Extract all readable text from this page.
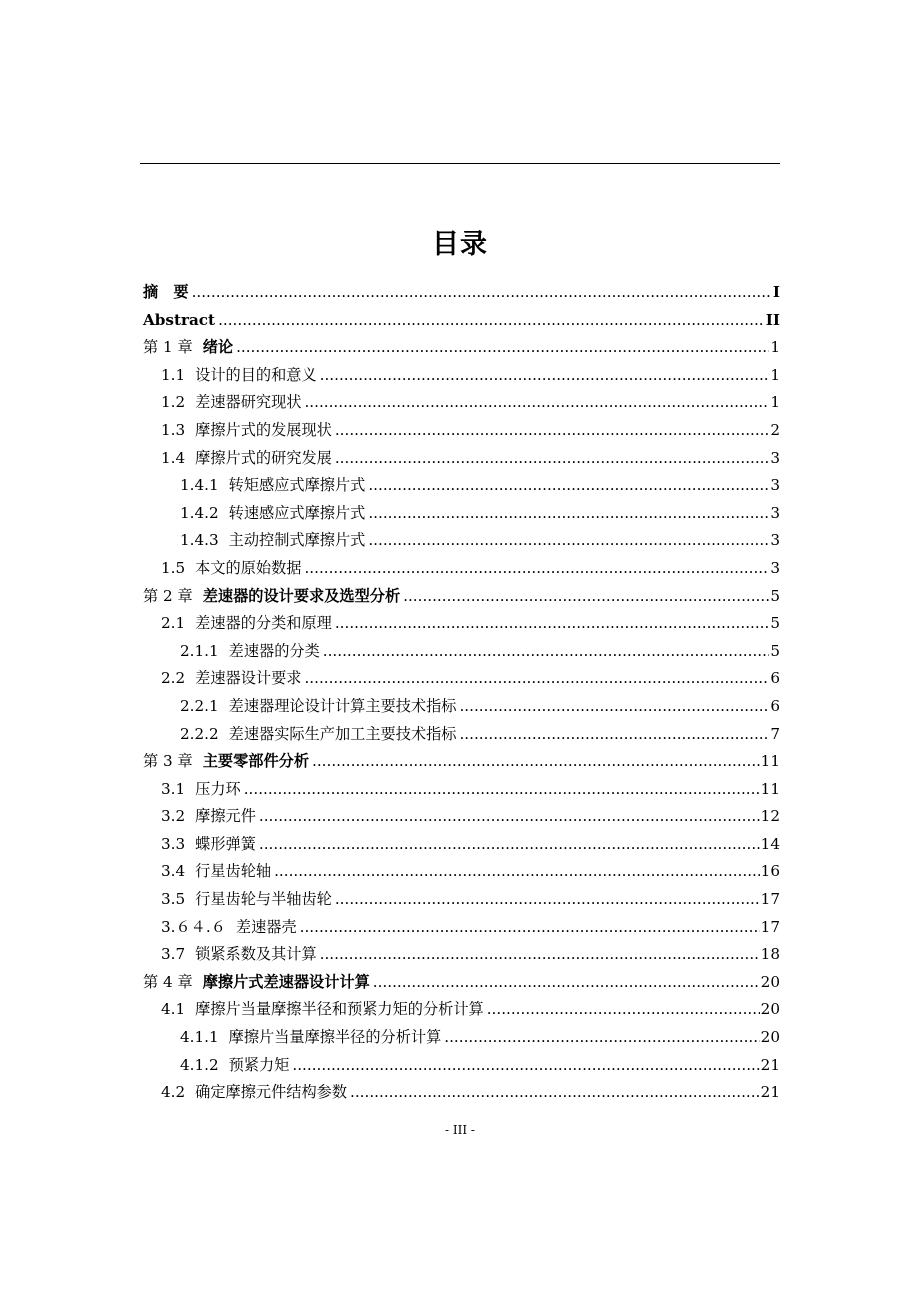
目录
摘　要 .....	I
Abstract .....	II
第 1 章 绪论 .....	1
1.1 设计的目的和意义 .....	1
1.2 差速器研究现状 .....	1
1.3 摩擦片式的发展现状 .....	2
1.4 摩擦片式的研究发展 .....	3
1.4.1 转矩感应式摩擦片式 .....	3
1.4.2 转速感应式摩擦片式 .....	3
1.4.3 主动控制式摩擦片式 .....	3
1.5 本文的原始数据 .....	3
第 2 章 差速器的设计要求及选型分析 .....	5
2.1 差速器的分类和原理 .....	5
2.1.1 差速器的分类 .....	5
2.2 差速器设计要求 .....	6
2.2.1 差速器理论设计计算主要技术指标 .....	6
2.2.2 差速器实际生产加工主要技术指标 .....	7
第 3 章 主要零部件分析 .....	11
3.1 压力环 .....	11
3.2 摩擦元件 .....	12
3.3 蝶形弹簧 .....	14
3.4 行星齿轮轴 .....	16
3.5 行星齿轮与半轴齿轮 .....	17
3.６４.６ 差速器壳 .....	17
3.7 锁紧系数及其计算 .....	18
第 4 章 摩擦片式差速器设计计算 .....	20
4.1 摩擦片当量摩擦半径和预紧力矩的分析计算 .....	20
4.1.1 摩擦片当量摩擦半径的分析计算 .....	20
4.1.2 预紧力矩 .....	21
4.2 确定摩擦元件结构参数 .....	21
- III -
